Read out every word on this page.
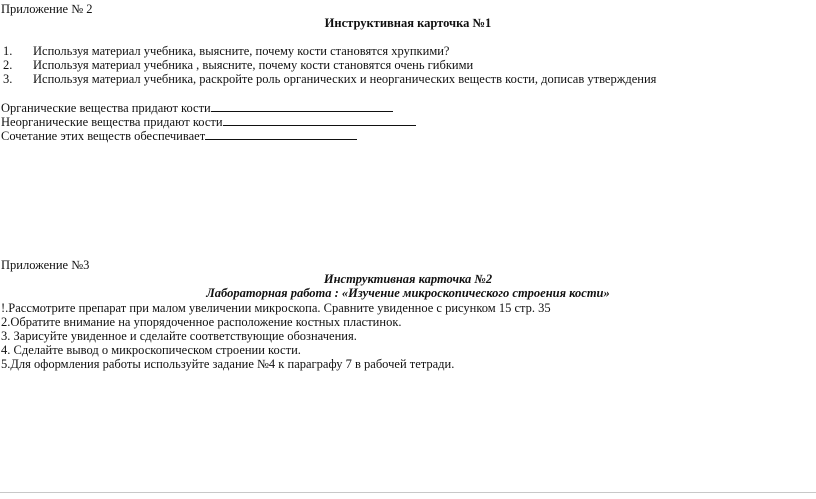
Приложение № 2
Инструктивная карточка №1
1. Используя материал учебника, выясните, почему кости становятся хрупкими?
2. Используя материал учебника , выясните, почему кости становятся очень гибкими
3. Используя материал учебника, раскройте роль органических и неорганических веществ кости, дописав утверждения
Органические вещества придают кости
Неорганические вещества придают кости
Сочетание этих веществ обеспечивает
Приложение №3
Инструктивная карточка №2
Лабораторная работа : «Изучение микроскопического строения кости»
!.Рассмотрите препарат при малом увеличении микроскопа. Сравните увиденное с рисунком 15 стр. 35
2.Обратите внимание на упорядоченное расположение костных пластинок.
3. Зарисуйте увиденное и сделайте соответствующие обозначения.
4. Сделайте вывод о микроскопическом строении кости.
5.Для оформления работы используйте задание №4 к параграфу 7 в рабочей тетради.
